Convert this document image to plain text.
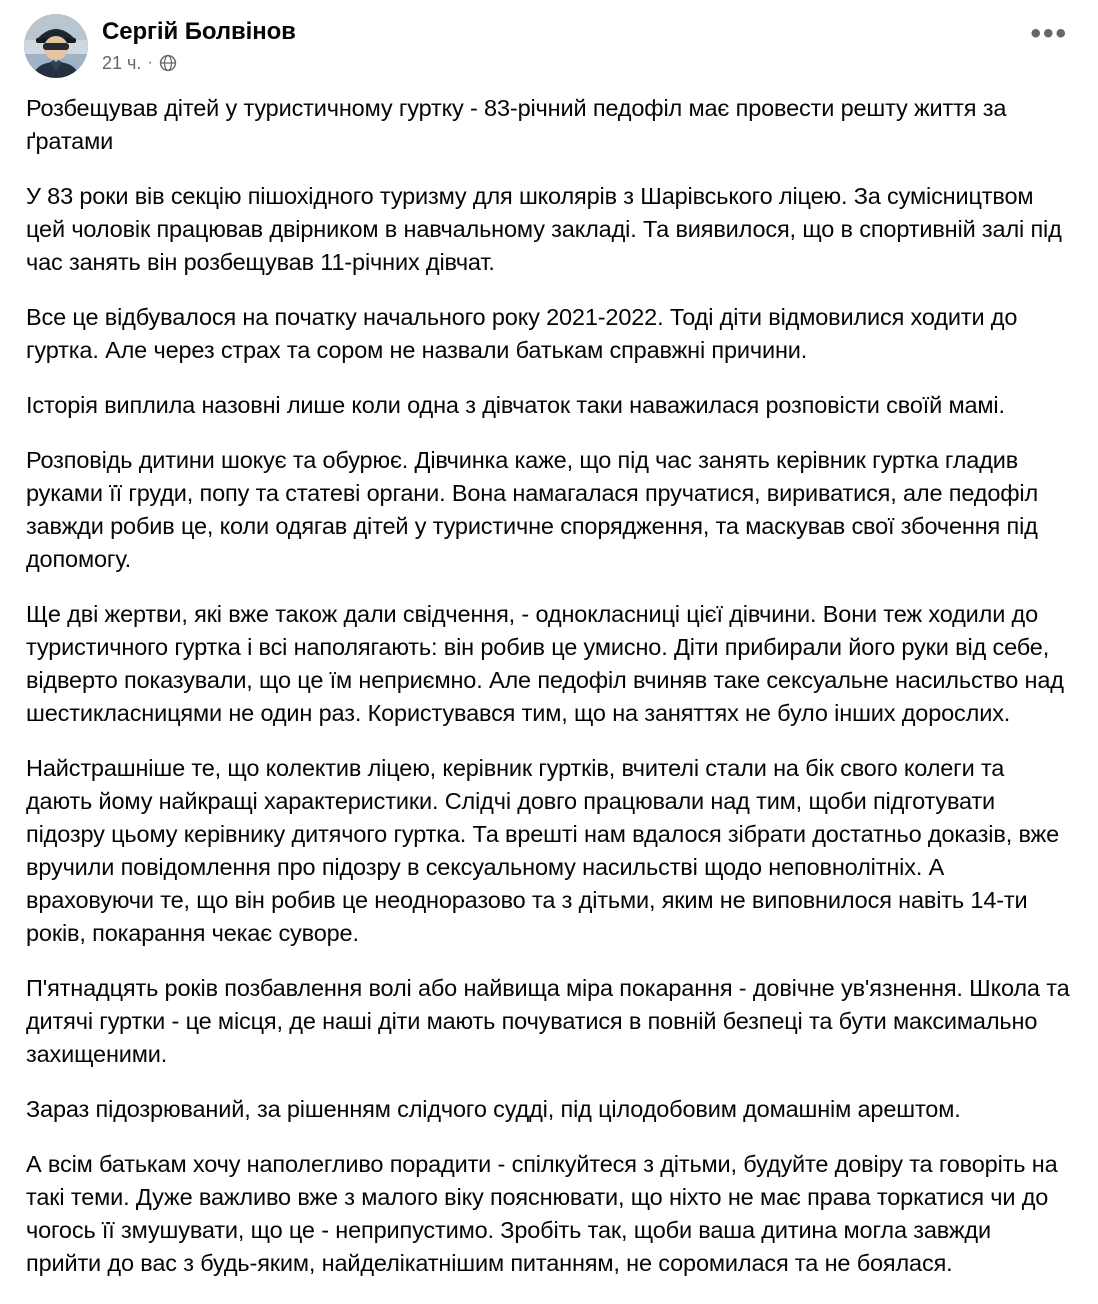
Сергій Болвінов
21 ч. ·
•••

Розбещував дітей у туристичному гуртку - 83-річний педофіл має провести решту життя за ґратами

У 83 роки вів секцію пішохідного туризму для школярів з Шарівського ліцею. За сумісництвом цей чоловік працював двірником в навчальному закладі. Та виявилося, що в спортивній залі під час занять він розбещував 11-річних дівчат.

Все це відбувалося на початку начального року 2021-2022. Тоді діти відмовилися ходити до гуртка. Але через страх та сором не назвали батькам справжні причини.

Історія виплила назовні лише коли одна з дівчаток таки наважилася розповісти своїй мамі.

Розповідь дитини шокує та обурює. Дівчинка каже, що під час занять керівник гуртка гладив руками її груди, попу та статеві органи. Вона намагалася пручатися, вириватися, але педофіл завжди робив це, коли одягав дітей у туристичне спорядження, та маскував свої збочення під допомогу.

Ще дві жертви, які вже також дали свідчення, - однокласниці цієї дівчини. Вони теж ходили до туристичного гуртка і всі наполягають: він робив це умисно. Діти прибирали його руки від себе, відверто показували, що це їм неприємно. Але педофіл вчиняв таке сексуальне насильство над шестикласницями не один раз. Користувався тим, що на заняттях не було інших дорослих.

Найстрашніше те, що колектив ліцею, керівник гуртків, вчителі стали на бік свого колеги та дають йому найкращі характеристики. Слідчі довго працювали над тим, щоби підготувати підозру цьому керівнику дитячого гуртка. Та врешті нам вдалося зібрати достатньо доказів, вже вручили повідомлення про підозру в сексуальному насильстві щодо неповнолітніх. А враховуючи те, що він робив це неодноразово та з дітьми, яким не виповнилося навіть 14-ти років, покарання чекає суворе.

П'ятнадцять років позбавлення волі або найвища міра покарання - довічне ув'язнення. Школа та дитячі гуртки - це місця, де наші діти мають почуватися в повній безпеці та бути максимально захищеними.

Зараз підозрюваний, за рішенням слідчого судді, під цілодобовим домашнім арештом.

А всім батькам хочу наполегливо порадити - спілкуйтеся з дітьми, будуйте довіру та говоріть на такі теми. Дуже важливо вже з малого віку пояснювати, що ніхто не має права торкатися чи до чогось її змушувати, що це - неприпустимо. Зробіть так, щоби ваша дитина могла завжди прийти до вас з будь-яким, найделікатнішим питанням, не соромилася та не боялася.
